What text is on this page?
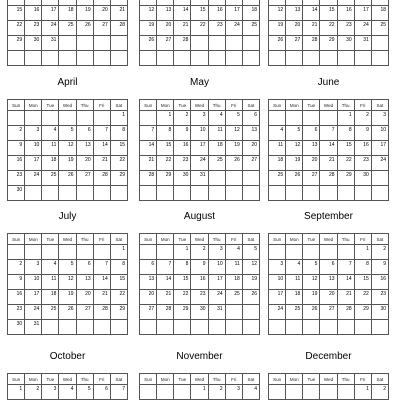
15	16	17	18	19	20	21
22	23	24	25	26	27	28
29	30	31				

12	13	14	15	16	17	18
19	20	21	22	23	24	25
26	27	28				

12	13	14	15	16	17	18
19	20	21	22	23	24	25
26	27	28	29	30	31	

April
Sun	Mon	Tue	Wed	Thu	Fri	Sat
						1
2	3	4	5	6	7	8
9	10	11	12	13	14	15
16	17	18	19	20	21	22
23	24	25	26	27	28	29
30						
May
Sun	Mon	Tue	Wed	Thu	Fri	Sat
	1	2	3	4	5	6
7	8	9	10	11	12	13
14	15	16	17	18	19	20
21	22	23	24	25	26	27
28	29	30	31			

June
Sun	Mon	Tue	Wed	Thu	Fri	Sat
				1	2	3
4	5	6	7	8	9	10
11	12	13	14	15	16	17
18	19	20	21	22	23	24
25	26	27	28	29	30	

July
Sun	Mon	Tue	Wed	Thu	Fri	Sat
						1
2	3	4	5	6	7	8
9	10	11	12	13	14	15
16	17	18	19	20	21	22
23	24	25	26	27	28	29
30	31					
August
Sun	Mon	Tue	Wed	Thu	Fri	Sat
		1	2	3	4	5
6	7	8	9	10	11	12
13	14	15	16	17	18	19
20	21	22	23	24	25	26
27	28	29	30	31		

September
Sun	Mon	Tue	Wed	Thu	Fri	Sat
					1	2
3	4	5	6	7	8	9
10	11	12	13	14	15	16
17	18	19	20	21	22	23
24	25	26	27	28	29	30

October
Sun	Mon	Tue	Wed	Thu	Fri	Sat
1	2	3	4	5	6	7
November
Sun	Mon	Tue	Wed	Thu	Fri	Sat
			1	2	3	4
December
Sun	Mon	Tue	Wed	Thu	Fri	Sat
					1	2
